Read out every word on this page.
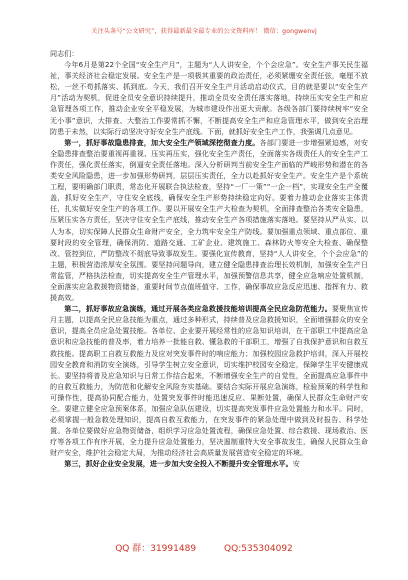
关注头条号“公文研究”，获得最新最全最专业的公文资料库！ 微信：gongwenvj

同志们：

今年6月是第22个全国“安全生产月”，主题为“人人讲安全，个个会应急”。安全生产事关民生福祉，事关经济社会稳定发展。安全生产是一项极其重要的政治责任，必须紧绷安全责任弦，毫厘不放松，一丝不苟抓落实、抓到底。今天，我们召开安全生产月活动启动仪式，目的就是要以“安全生产月”活动为契机，促进全员安全意识持续提升，推动全员安全责任落实落地，持续压实安全生产和应急管理各项工作，推动企业安全平稳发展，为城市建设作出更大贡献。各级各部门要持续树牢“安全无小事”意识，大排查、大整治工作要常抓不懈，不断提高安全生产和应急管理水平，做到安全治理防患于未然，以实际行动坚决守好安全生产底线。下面，就抓好安全生产工作，我强调几点意见。

第一，抓好事故隐患排查，加大安全生产领域深挖彻查力度。各部门要进一步增强紧迫感，对安全隐患排查整治要重视再重视、压实再压实，强化安全生产责任，全面落实各级责任人的安全生产工作责任，强化责任落实，倒逼安全责任落地。深入分析研判当前安全生产面临的严峻形势和潜在的各类安全风险隐患，进一步加强形势研判，层层压实责任，全力以赴抓好安全生产。安全生产是个系统工程，要明确部门职责，常态化开展联合执法检查，坚持“一厂一策”“一企一档”，实现安全生产全覆盖，抓好安全生产，守住安全底线，确保安全生产形势持续稳定向好。要着力推动企业落实主体责任，扎实做好安全生产的各项工作。要以开展安全生产大检查为契机，全面排查整治各类安全隐患，压紧压实各方责任，坚决守住安全生产底线，推动安全生产各项措施落实落地。要坚持从严从实、以人为本，切实保障人民群众生命财产安全，全力筑牢安全生产防线。要加强重点领域、重点部位、重要时段的安全管理，确保消防、道路交通、工矿企业、建筑施工、森林防火等安全大检查、确保整改、管控到位，严防整改不彻底导致事故发生。要强化宣传教育，坚持“人人讲安全，个个会应急”的主题，积极营造浓厚安全氛围。要坚持问题导向，建立健全隐患排查治理长效机制，加强安全生产日常监管，严格执法检查，切实提高安全生产管理水平，加强预警信息共享，健全应急响应处置机制，全面落实应急救援物资储备，重要时间节点值班值守、工作，确保事故应急反应迅速、指挥有力、救援高效。

第二，抓好事故应急演练，通过开展各类应急救援技能培训提高全民应急防范能力。要聚焦宣传月主题，以提高全民应急技能为重点，通过多种形式，持续普及应急救援知识，全面增强群众的安全意识，提高全员应急处置技能。各单位、企业要开展经常性的应急知识培训，在干部职工中提高应急意识和应急技能的普及率，着力培养一批能自救、懂急救的干部职工，增强了自我保护意识和自救互救技能。提高职工自救互救能力及应对突发事件时的响应能力；加强校园应急救护培训，深入开展校园安全教育和消防安全演练，引导学生树立安全意识，切实维护校园安全稳定，保障学生平安健康成长。要坚持将普及应急知识与日常工作结合起来，不断增强安全生产的自觉性，全面提高应急事件中的自救互救能力，为防范和化解安全风险夯实基础。要结合实际开展应急演练，检验预案的科学性和可操作性，提高协同配合能力，处置突发事件时能迅速反应、果断处置，确保人民群众生命财产安全。要建立健全应急预案体系，加强应急队伍建设，切实提高突发事件应急处置能力和水平。同时，必须掌握一般急救处理知识，提高自救互救能力，在突发事件的紧急处理中做到及时报告、科学处置。各单位要做好应急物资储备，组织学习应急处置流程，确保应急处置、综合救援、现场救治、医疗等各项工作有序开展，全力提升应急处置能力，坚决遏制重特大安全事故发生，确保人民群众生命财产安全，维护社会稳定大局，为推动经济社会高质量发展营造安全稳定的环境。

第三，抓好企业安全发展，进一步加大安全投入不断提升安全管理水平。安

QQ 群：31991489	QQ:535304092
